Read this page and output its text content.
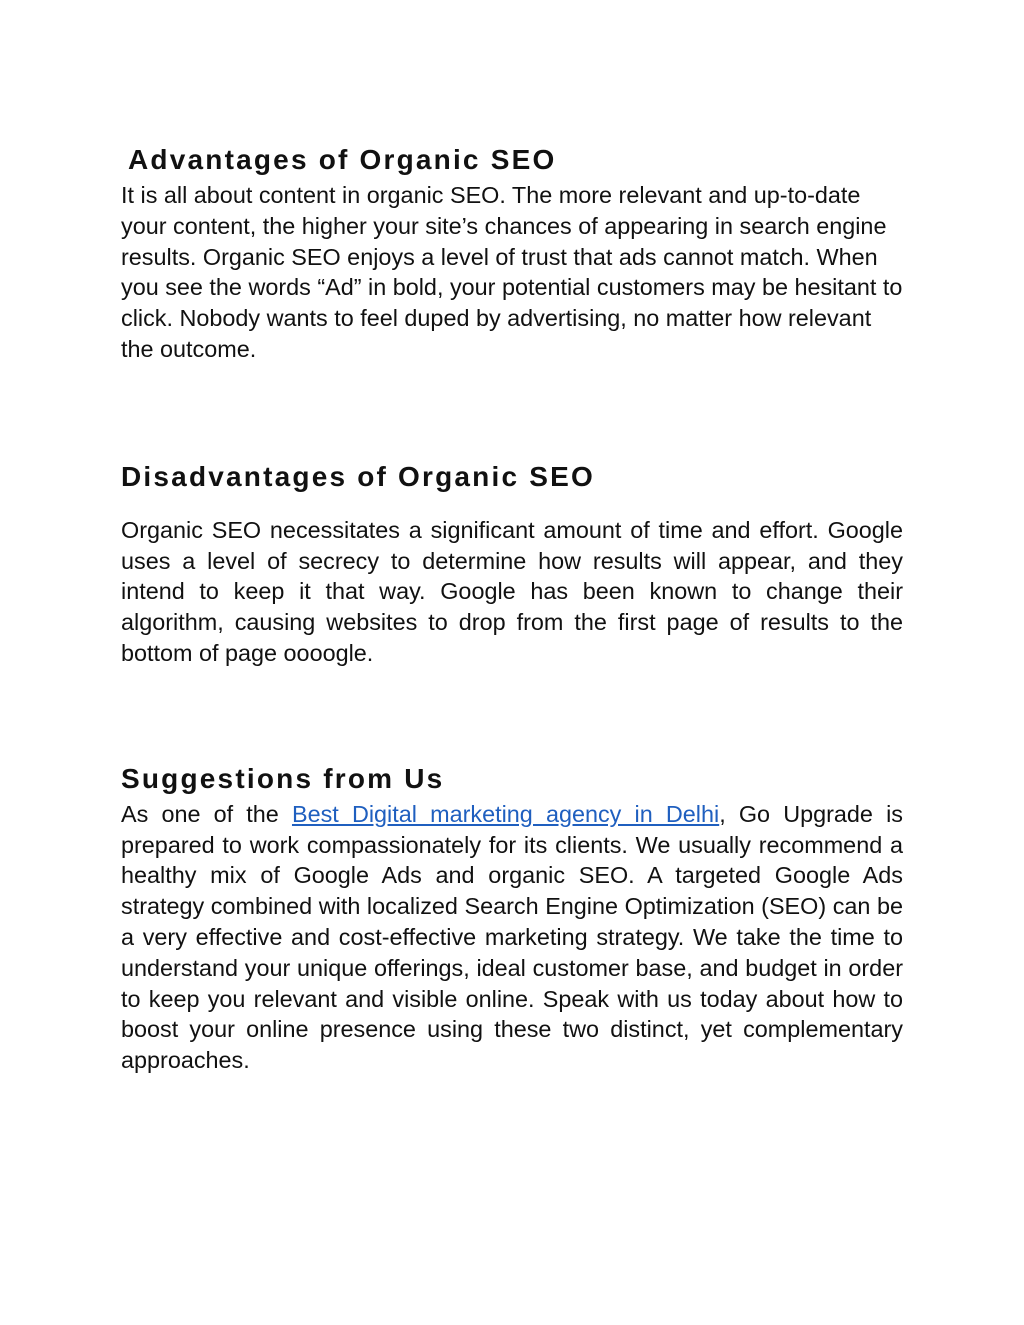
Advantages of Organic SEO

It is all about content in organic SEO. The more relevant and up-to-date your content, the higher your site’s chances of appearing in search engine results. Organic SEO enjoys a level of trust that ads cannot match. When you see the words “Ad” in bold, your potential customers may be hesitant to click. Nobody wants to feel duped by advertising, no matter how relevant the outcome.

Disadvantages of Organic SEO

Organic SEO necessitates a significant amount of time and effort. Google uses a level of secrecy to determine how results will appear, and they intend to keep it that way. Google has been known to change their algorithm, causing websites to drop from the first page of results to the bottom of page oooogle.

Suggestions from Us

As one of the Best Digital marketing agency in Delhi, Go Upgrade is prepared to work compassionately for its clients. We usually recommend a healthy mix of Google Ads and organic SEO. A targeted Google Ads strategy combined with localized Search Engine Optimization (SEO) can be a very effective and cost-effective marketing strategy. We take the time to understand your unique offerings, ideal customer base, and budget in order to keep you relevant and visible online. Speak with us today about how to boost your online presence using these two distinct, yet complementary approaches.
